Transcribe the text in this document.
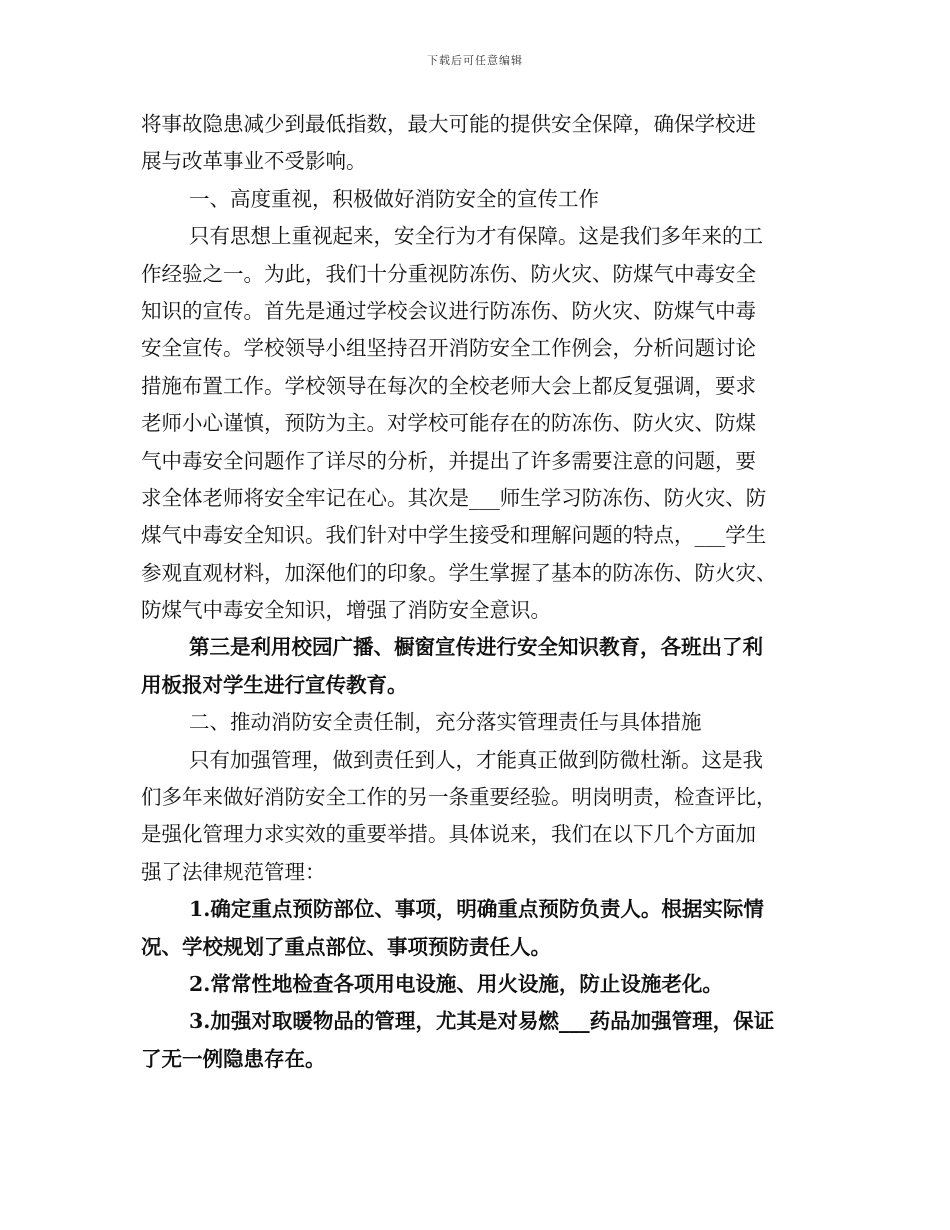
下载后可任意编辑
将事故隐患减少到最低指数，最大可能的提供安全保障，确保学校进
展与改革事业不受影响。
一、高度重视，积极做好消防安全的宣传工作
只有思想上重视起来，安全行为才有保障。这是我们多年来的工
作经验之一。为此，我们十分重视防冻伤、防火灾、防煤气中毒安全
知识的宣传。首先是通过学校会议进行防冻伤、防火灾、防煤气中毒
安全宣传。学校领导小组坚持召开消防安全工作例会，分析问题讨论
措施布置工作。学校领导在每次的全校老师大会上都反复强调，要求
老师小心谨慎，预防为主。对学校可能存在的防冻伤、防火灾、防煤
气中毒安全问题作了详尽的分析，并提出了许多需要注意的问题，要
求全体老师将安全牢记在心。其次是___师生学习防冻伤、防火灾、防
煤气中毒安全知识。我们针对中学生接受和理解问题的特点，___学生
参观直观材料，加深他们的印象。学生掌握了基本的防冻伤、防火灾、
防煤气中毒安全知识，增强了消防安全意识。
第三是利用校园广播、橱窗宣传进行安全知识教育，各班出了利
用板报对学生进行宣传教育。
二、推动消防安全责任制，充分落实管理责任与具体措施
只有加强管理，做到责任到人，才能真正做到防微杜渐。这是我
们多年来做好消防安全工作的另一条重要经验。明岗明责，检查评比，
是强化管理力求实效的重要举措。具体说来，我们在以下几个方面加
强了法律规范管理：
1.确定重点预防部位、事项，明确重点预防负责人。根据实际情
况、学校规划了重点部位、事项预防责任人。
2.常常性地检查各项用电设施、用火设施，防止设施老化。
3.加强对取暖物品的管理，尤其是对易燃___药品加强管理，保证
了无一例隐患存在。
